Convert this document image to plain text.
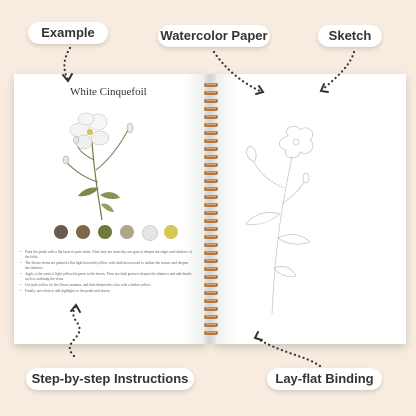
White Cinquefoil
• Paint the petals with a flat layer of pure white. After they are semi-dry, use gray to deepen the edges and shadows of the folds.
• The flower stems are painted a flat light brownish yellow, with dark brown used to outline the texture and deepen the shadows.
• Apply a flat wash of light yellowish-green to the leaves. Then use dark green to deepen the shadows and add details such as outlining the veins.
• Use pale yellow for the flower stamens, and then deepen the color with a darker yellow.
• Finally, use white to add highlights to the petals and leaves.
Example	Watercolor Paper	Sketch
Step-by-step Instructions	Lay-flat Binding
